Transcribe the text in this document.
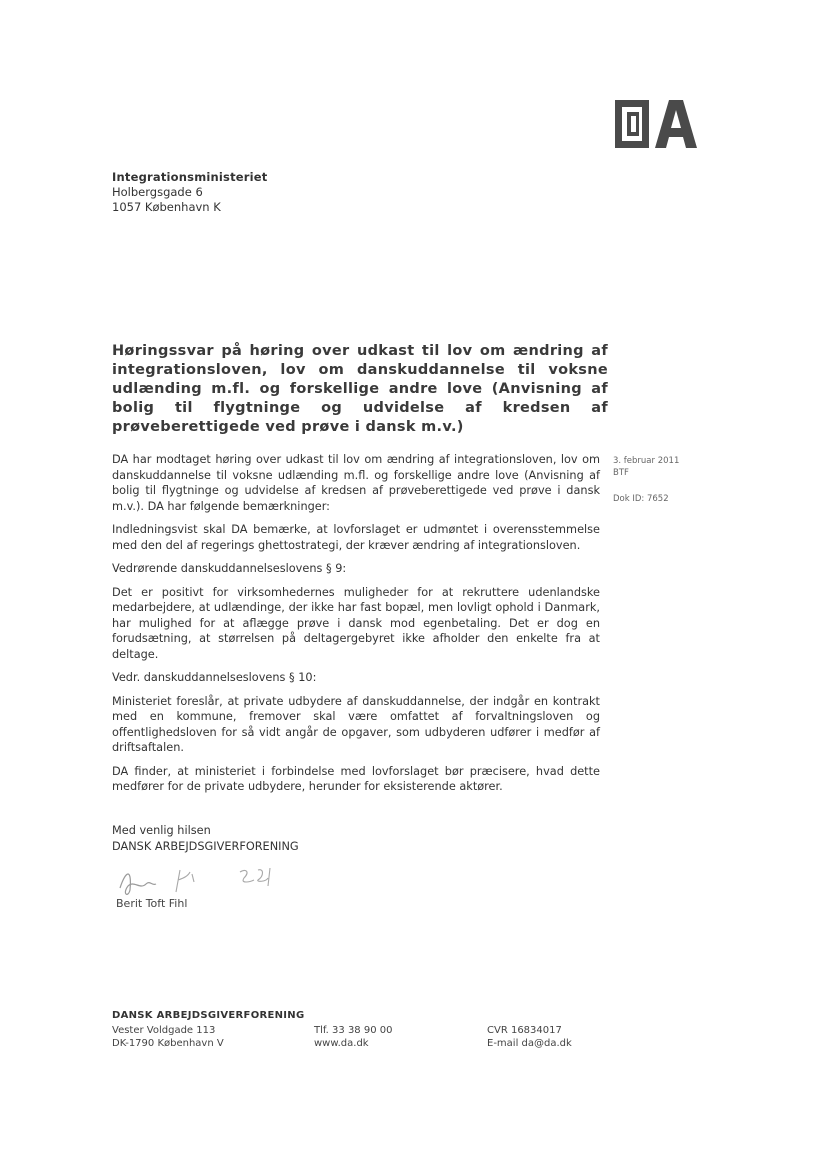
Integrationsministeriet
Holbergsgade 6
1057 København K
Høringssvar på høring over udkast til lov om ændring af integrationsloven, lov om danskuddannelse til voksne udlænding m.fl. og forskellige andre love (Anvisning af bolig til flygtninge og udvidelse af kredsen af prøveberettigede ved prøve i dansk m.v.)
3. februar 2011
BTF
Dok ID: 7652

DA har modtaget høring over udkast til lov om ændring af integrationsloven, lov om danskuddannelse til voksne udlænding m.fl. og forskellige andre love (Anvisning af bolig til flygtninge og udvidelse af kredsen af prøveberettigede ved prøve i dansk m.v.). DA har følgende bemærkninger:

Indledningsvist skal DA bemærke, at lovforslaget er udmøntet i overensstemmelse med den del af regerings ghettostrategi, der kræver ændring af integrationsloven.

Vedrørende danskuddannelseslovens § 9:

Det er positivt for virksomhedernes muligheder for at rekruttere udenlandske medarbejdere, at udlændinge, der ikke har fast bopæl, men lovligt ophold i Danmark, har mulighed for at aflægge prøve i dansk mod egenbetaling. Det er dog en forudsætning, at størrelsen på deltagergebyret ikke afholder den enkelte fra at deltage.

Vedr. danskuddannelseslovens § 10:

Ministeriet foreslår, at private udbydere af danskuddannelse, der indgår en kontrakt med en kommune, fremover skal være omfattet af forvaltningsloven og offentlighedsloven for så vidt angår de opgaver, som udbyderen udfører i medfør af driftsaftalen.

DA finder, at ministeriet i forbindelse med lovforslaget bør præcisere, hvad dette medfører for de private udbydere, herunder for eksisterende aktører.

Med venlig hilsen
DANSK ARBEJDSGIVERFORENING
Berit Toft Fihl
DANSK ARBEJDSGIVERFORENING
Vester Voldgade 113
DK-1790 København V
Tlf. 33 38 90 00
www.da.dk
CVR 16834017
E-mail da@da.dk
